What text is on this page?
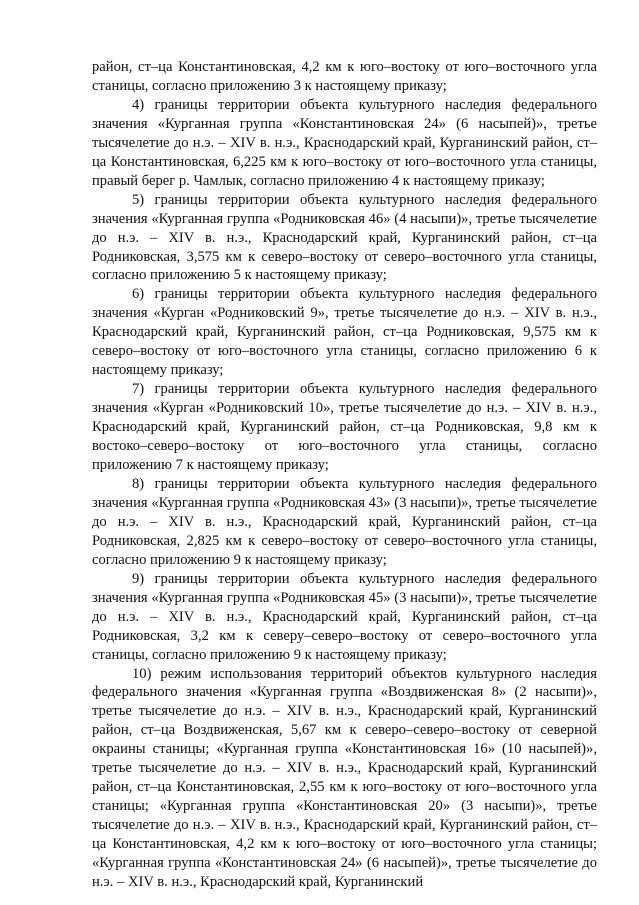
район, ст–ца Константиновская, 4,2 км к юго–востоку от юго–восточного угла станицы, согласно приложению 3 к настоящему приказу;

4) границы территории объекта культурного наследия федерального значения «Курганная группа «Константиновская 24» (6 насыпей)», третье тысячелетие до н.э. – XIV в. н.э., Краснодарский край, Курганинский район, ст–ца Константиновская, 6,225 км к юго–востоку от юго–восточного угла станицы, правый берег р. Чамлык, согласно приложению 4 к настоящему приказу;

5) границы территории объекта культурного наследия федерального значения «Курганная группа «Родниковская 46» (4 насыпи)», третье тысячелетие до н.э. – XIV в. н.э., Краснодарский край, Курганинский район, ст–ца Родниковская, 3,575 км к северо–востоку от северо–восточного угла станицы, согласно приложению 5 к настоящему приказу;

6) границы территории объекта культурного наследия федерального значения «Курган «Родниковский 9», третье тысячелетие до н.э. – XIV в. н.э., Краснодарский край, Курганинский район, ст–ца Родниковская, 9,575 км к северо–востоку от юго–восточного угла станицы, согласно приложению 6 к настоящему приказу;

7) границы территории объекта культурного наследия федерального значения «Курган «Родниковский 10», третье тысячелетие до н.э. – XIV в. н.э., Краснодарский край, Курганинский район, ст–ца Родниковская, 9,8 км к востоко–северо–востоку от юго–восточного угла станицы, согласно приложению 7 к настоящему приказу;

8) границы территории объекта культурного наследия федерального значения «Курганная группа «Родниковская 43» (3 насыпи)», третье тысячелетие до н.э. – XIV в. н.э., Краснодарский край, Курганинский район, ст–ца Родниковская, 2,825 км к северо–востоку от северо–восточного угла станицы, согласно приложению 9 к настоящему приказу;

9) границы территории объекта культурного наследия федерального значения «Курганная группа «Родниковская 45» (3 насыпи)», третье тысячелетие до н.э. – XIV в. н.э., Краснодарский край, Курганинский район, ст–ца Родниковская, 3,2 км к северу–северо–востоку от северо–восточного угла станицы, согласно приложению 9 к настоящему приказу;

10) режим использования территорий объектов культурного наследия федерального значения «Курганная группа «Воздвиженская 8» (2 насыпи)», третье тысячелетие до н.э. – XIV в. н.э., Краснодарский край, Курганинский район, ст–ца Воздвиженская, 5,67 км к северо–северо–востоку от северной окраины станицы; «Курганная группа «Константиновская 16» (10 насыпей)», третье тысячелетие до н.э. – XIV в. н.э., Краснодарский край, Курганинский район, ст–ца Константиновская, 2,55 км к юго–востоку от юго–восточного угла станицы; «Курганная группа «Константиновская 20» (3 насыпи)», третье тысячелетие до н.э. – XIV в. н.э., Краснодарский край, Курганинский район, ст–ца Константиновская, 4,2 км к юго–востоку от юго–восточного угла станицы; «Курганная группа «Константиновская 24» (6 насыпей)», третье тысячелетие до н.э. – XIV в. н.э., Краснодарский край, Курганинский
